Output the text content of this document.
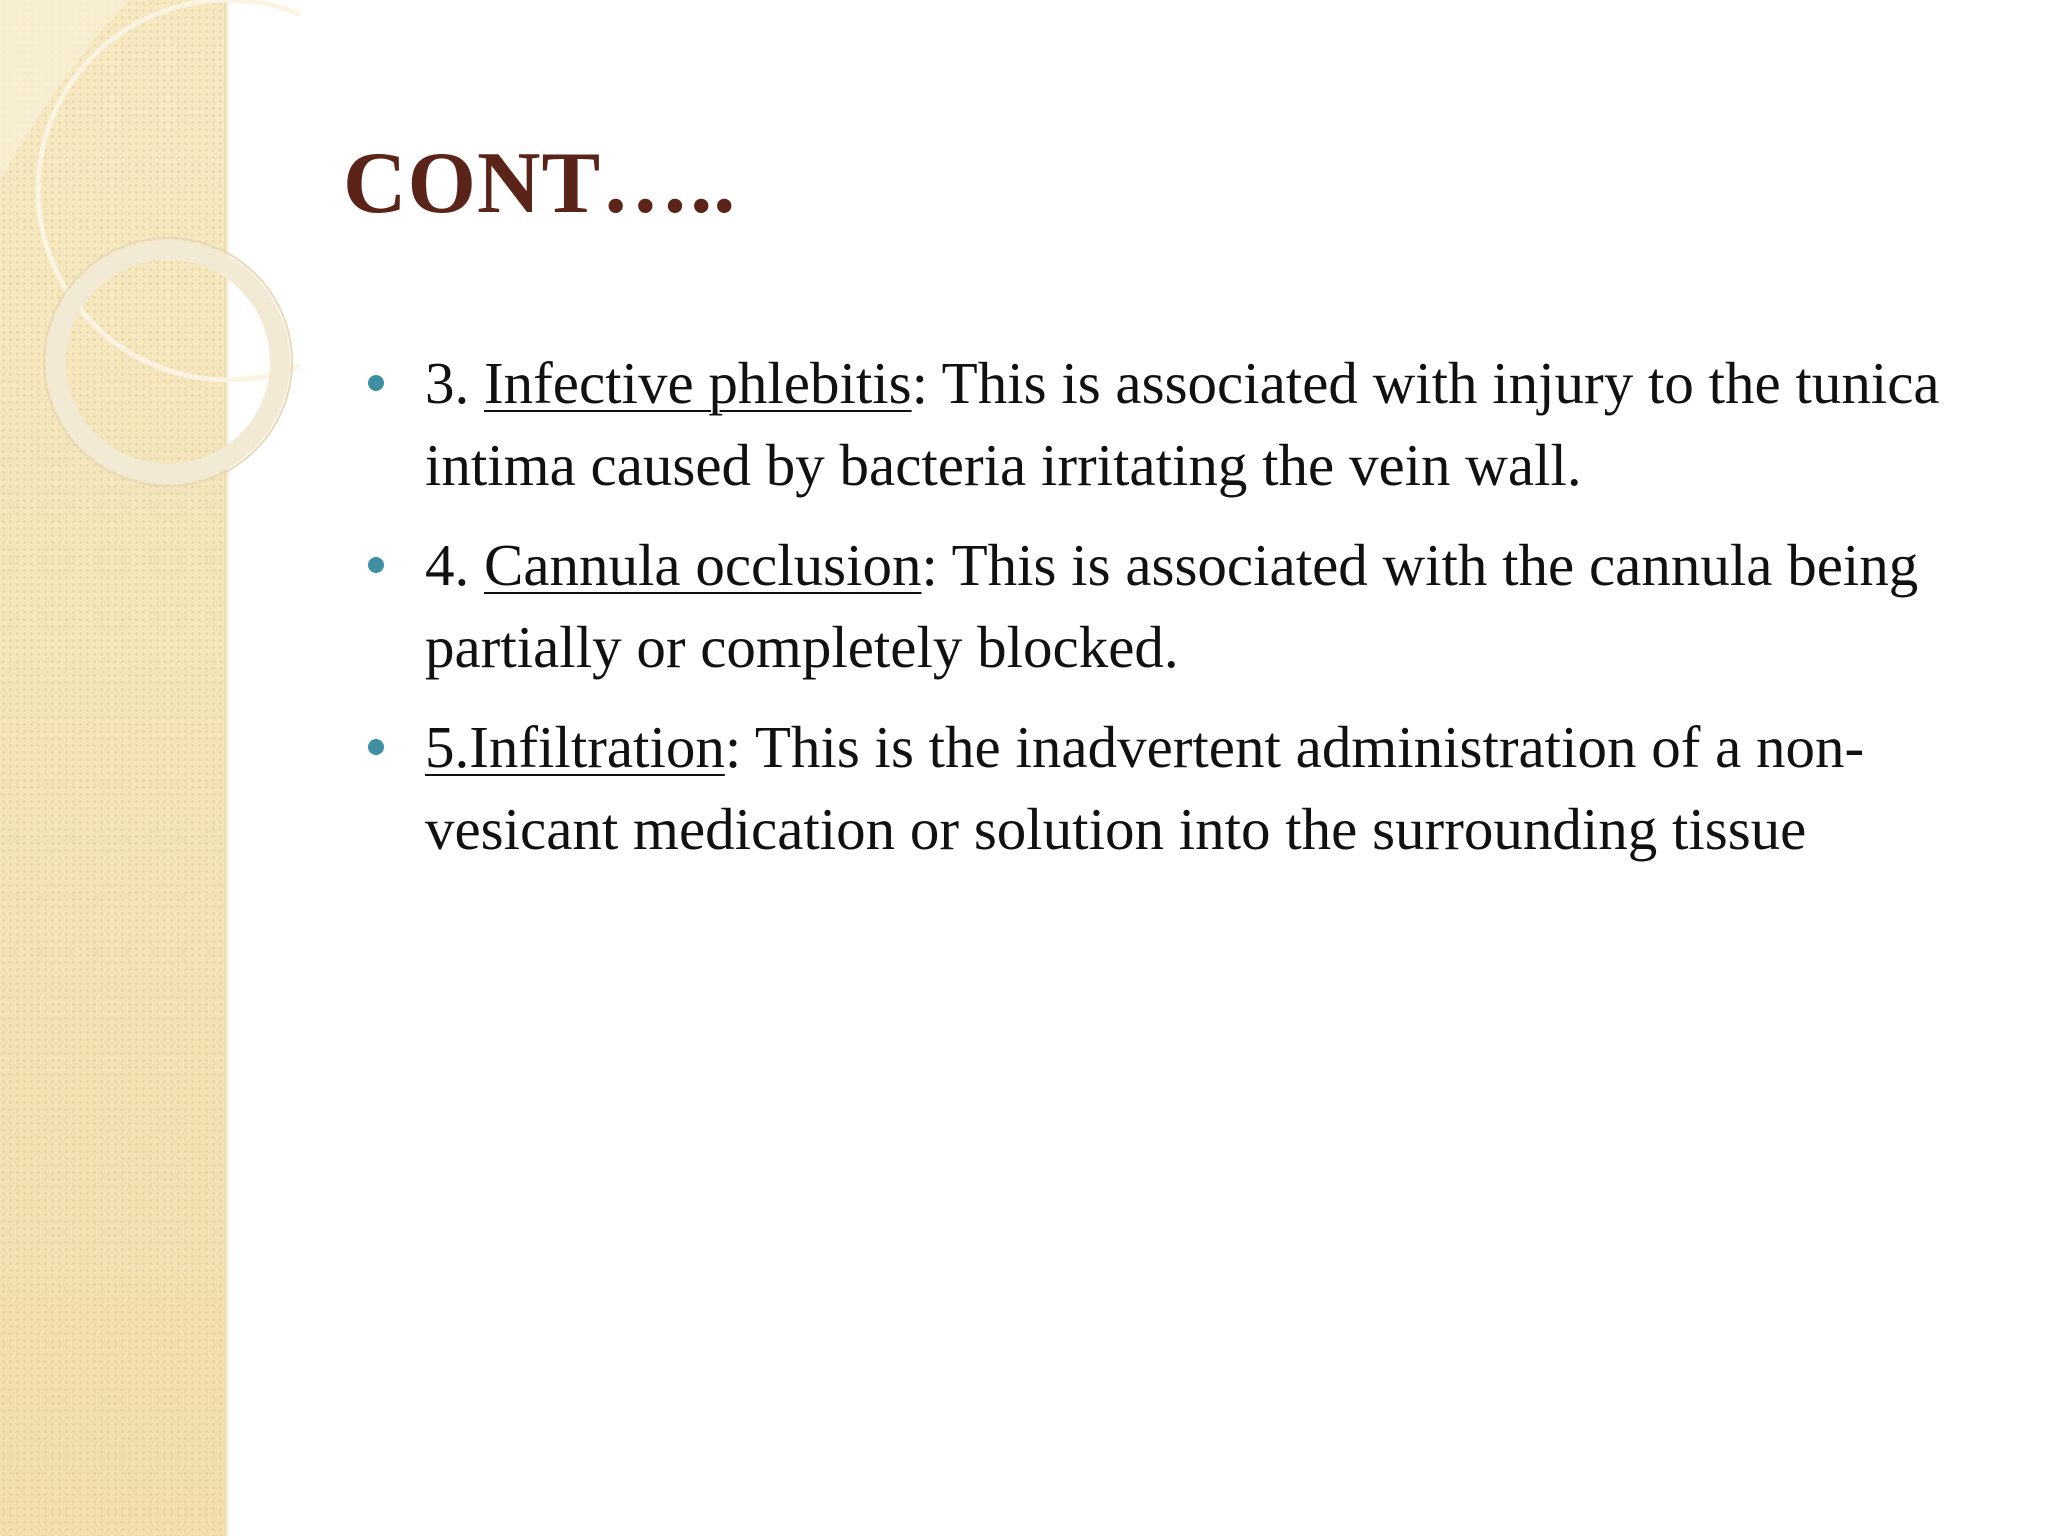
CONT…..
3. Infective phlebitis: This is associated with injury to the tunica intima caused by bacteria irritating the vein wall.
4. Cannula occlusion: This is associated with the cannula being partially or completely blocked.
5.Infiltration: This is the inadvertent administration of a non-vesicant medication or solution into the surrounding tissue
